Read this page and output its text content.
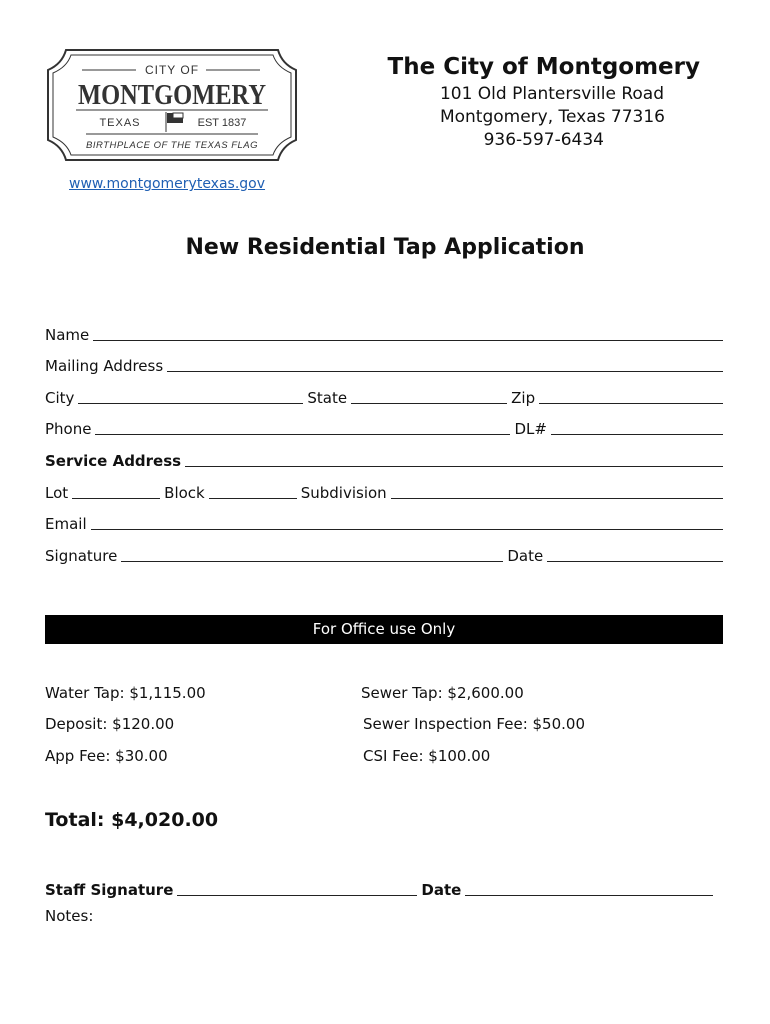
CITY OF
MONTGOMERY
TEXAS	EST 1837
BIRTHPLACE OF THE TEXAS FLAG
The City of Montgomery
101 Old Plantersville Road
Montgomery, Texas 77316
936-597-6434
www.montgomerytexas.gov
New Residential Tap Application
Name
Mailing Address
City	State	Zip
Phone	DL#
Service Address
Lot	Block	Subdivision
Email
Signature	Date
For Office use Only
Water Tap: $1,115.00	Sewer Tap: $2,600.00
Deposit: $120.00	Sewer Inspection Fee: $50.00
App Fee: $30.00	CSI Fee: $100.00
Total: $4,020.00
Staff Signature	Date
Notes:
